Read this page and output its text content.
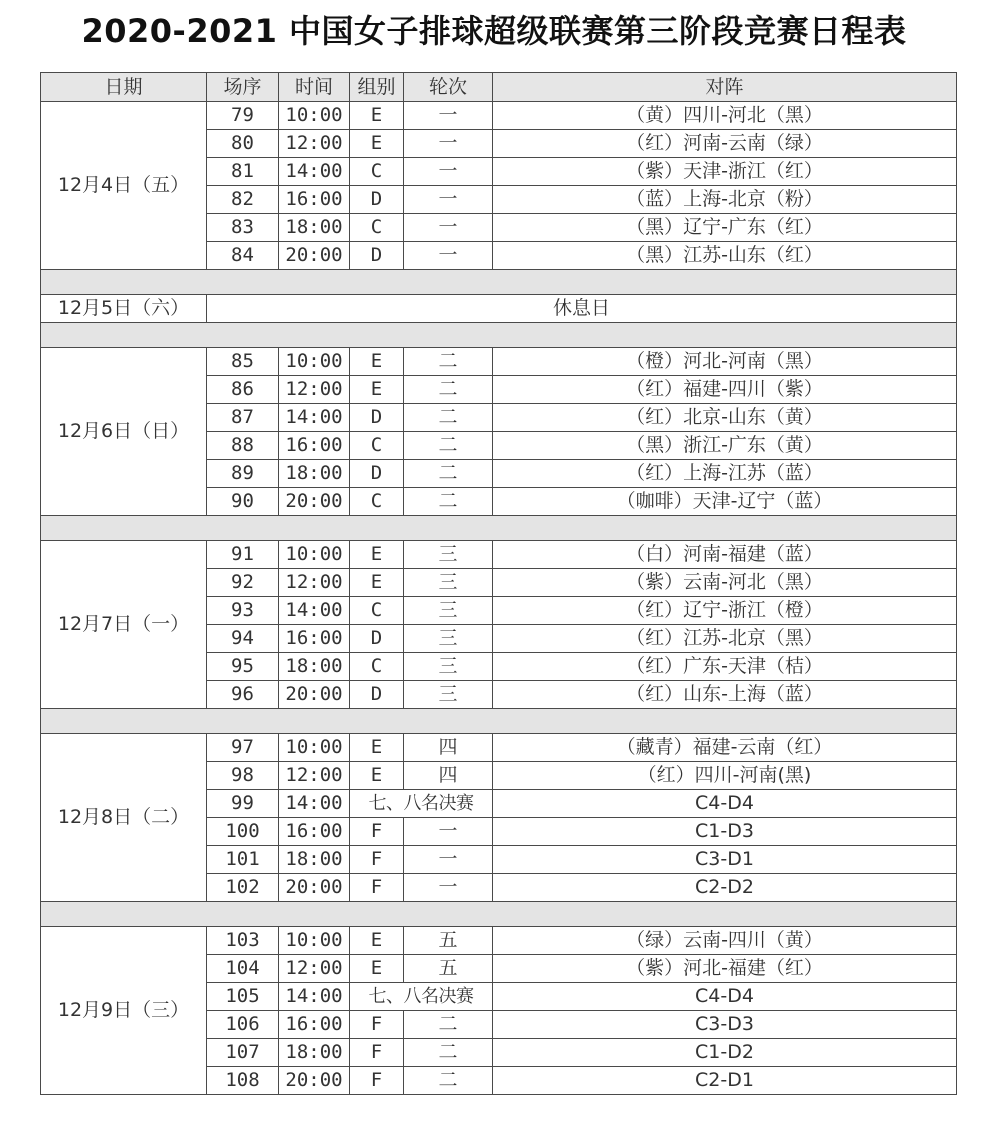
2020-2021 中国女子排球超级联赛第三阶段竞赛日程表
日期	场序	时间	组别	轮次	对阵
12月4日（五）	79	10:00	E	一	（黄）四川-河北（黑）
	80	12:00	E	一	（红）河南-云南（绿）
	81	14:00	C	一	（紫）天津-浙江（红）
	82	16:00	D	一	（蓝）上海-北京（粉）
	83	18:00	C	一	（黑）辽宁-广东（红）
	84	20:00	D	一	（黑）江苏-山东（红）

12月5日（六）	休息日				

12月6日（日）	85	10:00	E	二	（橙）河北-河南（黑）
	86	12:00	E	二	（红）福建-四川（紫）
	87	14:00	D	二	（红）北京-山东（黄）
	88	16:00	C	二	（黑）浙江-广东（黄）
	89	18:00	D	二	（红）上海-江苏（蓝）
	90	20:00	C	二	（咖啡）天津-辽宁（蓝）

12月7日（一）	91	10:00	E	三	（白）河南-福建（蓝）
	92	12:00	E	三	（紫）云南-河北（黑）
	93	14:00	C	三	（红）辽宁-浙江（橙）
	94	16:00	D	三	（红）江苏-北京（黑）
	95	18:00	C	三	（红）广东-天津（桔）
	96	20:00	D	三	（红）山东-上海（蓝）

12月8日（二）	97	10:00	E	四	（藏青）福建-云南（红）
	98	12:00	E	四	（红）四川-河南(黑)
	99	14:00	七、八名决赛		C4-D4
	100	16:00	F	一	C1-D3
	101	18:00	F	一	C3-D1
	102	20:00	F	一	C2-D2

12月9日（三）	103	10:00	E	五	（绿）云南-四川（黄）
	104	12:00	E	五	（紫）河北-福建（红）
	105	14:00	七、八名决赛		C4-D4
	106	16:00	F	二	C3-D3
	107	18:00	F	二	C1-D2
	108	20:00	F	二	C2-D1
